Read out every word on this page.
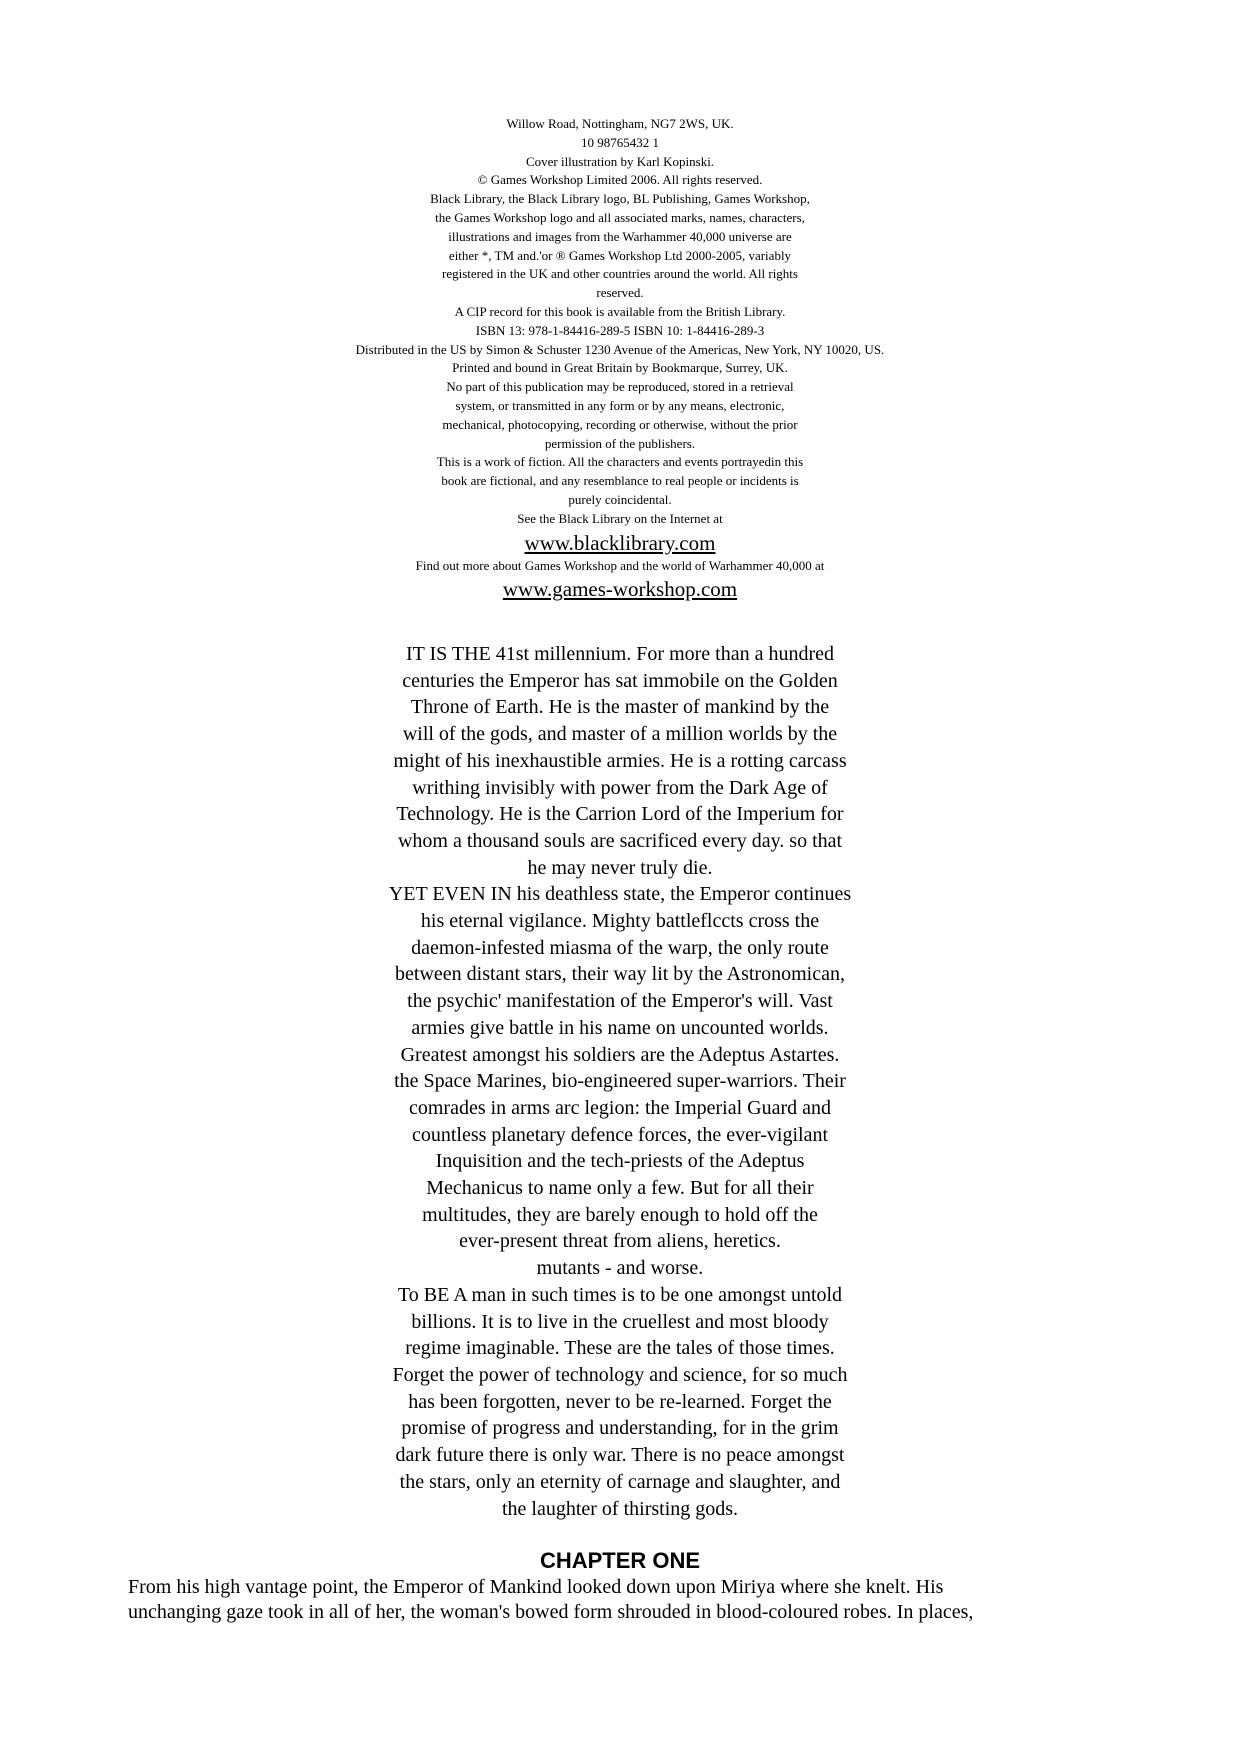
Willow Road, Nottingham, NG7 2WS, UK.
10 98765432 1
Cover illustration by Karl Kopinski.
© Games Workshop Limited 2006. All rights reserved.
Black Library, the Black Library logo, BL Publishing, Games Workshop,
the Games Workshop logo and all associated marks, names, characters,
illustrations and images from the Warhammer 40,000 universe are
either *, TM and.'or ® Games Workshop Ltd 2000-2005, variably
registered in the UK and other countries around the world. All rights
reserved.
A CIP record for this book is available from the British Library.
ISBN 13: 978-1-84416-289-5 ISBN 10: 1-84416-289-3
Distributed in the US by Simon & Schuster 1230 Avenue of the Americas, New York, NY 10020, US.
Printed and bound in Great Britain by Bookmarque, Surrey, UK.
No part of this publication may be reproduced, stored in a retrieval
system, or transmitted in any form or by any means, electronic,
mechanical, photocopying, recording or otherwise, without the prior
permission of the publishers.
This is a work of fiction. All the characters and events portrayedin this
book are fictional, and any resemblance to real people or incidents is
purely coincidental.
See the Black Library on the Internet at
www.blacklibrary.com
Find out more about Games Workshop and the world of Warhammer 40,000 at
www.games-workshop.com
IT IS THE 41st millennium. For more than a hundred
centuries the Emperor has sat immobile on the Golden
Throne of Earth. He is the master of mankind by the
will of the gods, and master of a million worlds by the
might of his inexhaustible armies. He is a rotting carcass
writhing invisibly with power from the Dark Age of
Technology. He is the Carrion Lord of the Imperium for
whom a thousand souls are sacrificed every day. so that
he may never truly die.
YET EVEN IN his deathless state, the Emperor continues
his eternal vigilance. Mighty battleflccts cross the
daemon-infested miasma of the warp, the only route
between distant stars, their way lit by the Astronomican,
the psychic' manifestation of the Emperor's will. Vast
armies give battle in his name on uncounted worlds.
Greatest amongst his soldiers are the Adeptus Astartes.
the Space Marines, bio-engineered super-warriors. Their
comrades in arms arc legion: the Imperial Guard and
countless planetary defence forces, the ever-vigilant
Inquisition and the tech-priests of the Adeptus
Mechanicus to name only a few. But for all their
multitudes, they are barely enough to hold off the
ever-present threat from aliens, heretics.
mutants - and worse.
To BE A man in such times is to be one amongst untold
billions. It is to live in the cruellest and most bloody
regime imaginable. These are the tales of those times.
Forget the power of technology and science, for so much
has been forgotten, never to be re-learned. Forget the
promise of progress and understanding, for in the grim
dark future there is only war. There is no peace amongst
the stars, only an eternity of carnage and slaughter, and
the laughter of thirsting gods.
CHAPTER ONE
From his high vantage point, the Emperor of Mankind looked down upon Miriya where she knelt. His
unchanging gaze took in all of her, the woman's bowed form shrouded in blood-coloured robes. In places,
